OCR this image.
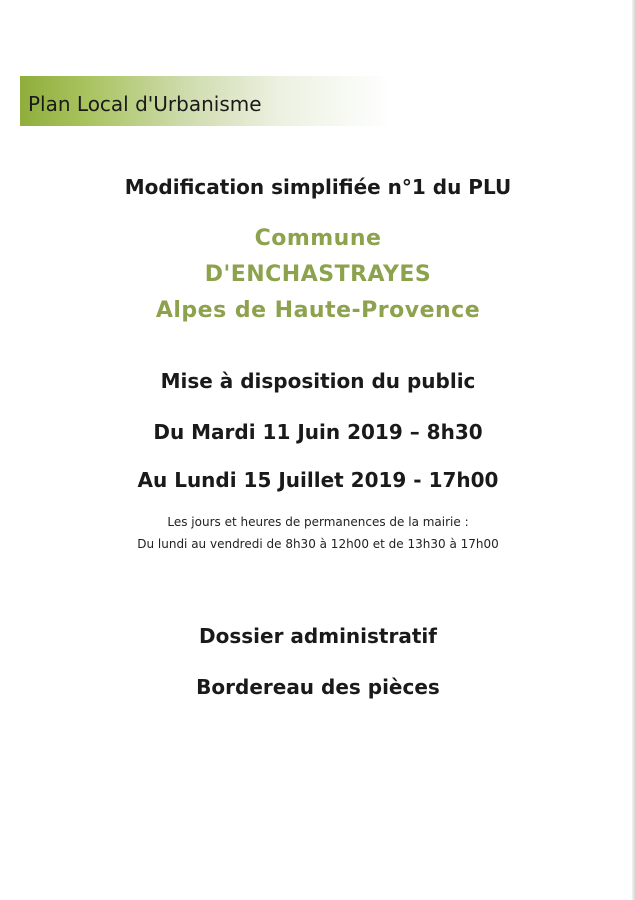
Plan Local d'Urbanisme
Modification simplifiée n°1 du PLU
Commune
D'ENCHASTRAYES
Alpes de Haute-Provence
Mise à disposition du public
Du Mardi 11 Juin 2019 – 8h30
Au Lundi 15 Juillet 2019 - 17h00
Les jours et heures de permanences de la mairie :
Du lundi au vendredi de 8h30 à 12h00 et de 13h30 à 17h00
Dossier administratif
Bordereau des pièces
